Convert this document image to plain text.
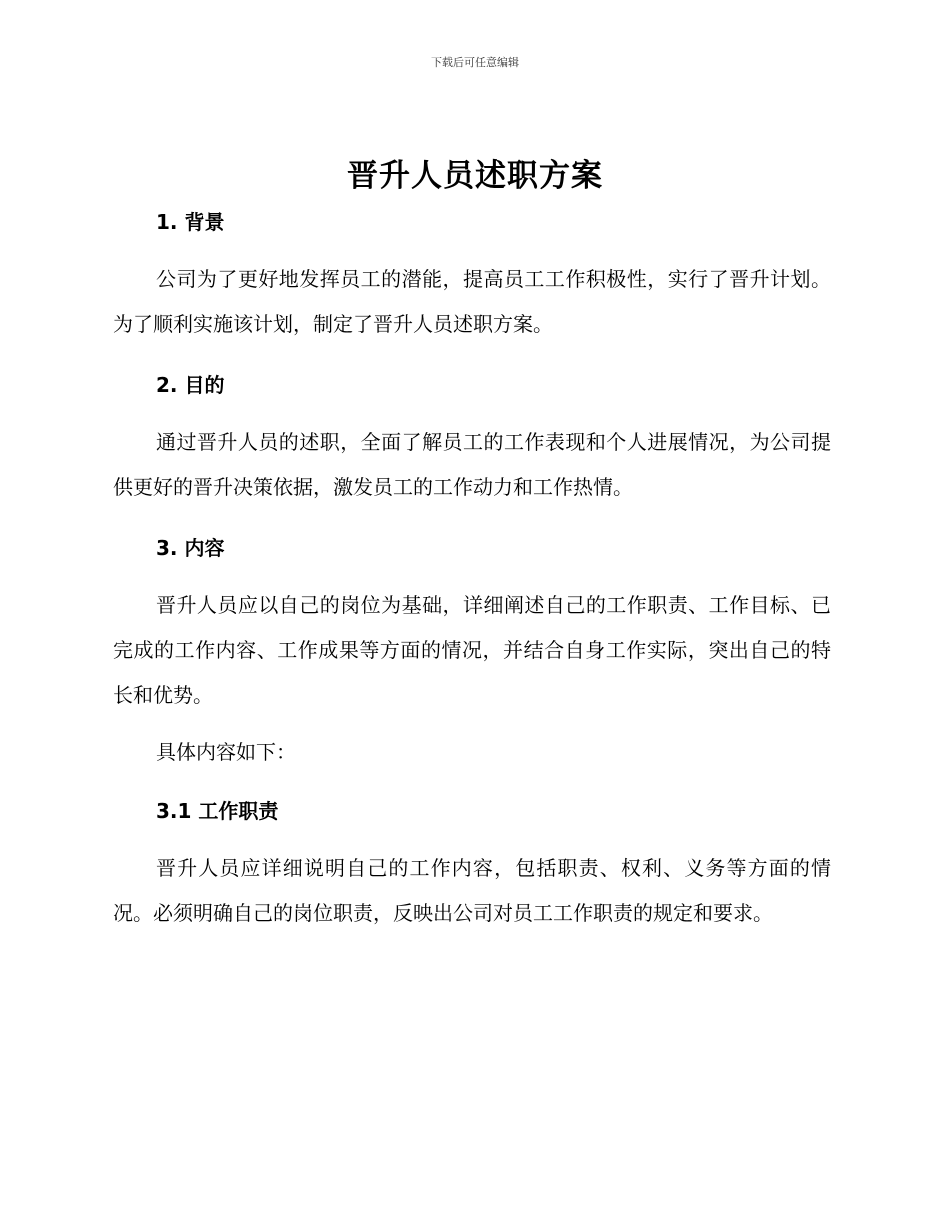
下载后可任意编辑

晋升人员述职方案
1. 背景

公司为了更好地发挥员工的潜能，提高员工工作积极性，实行了晋升计划。为了顺利实施该计划，制定了晋升人员述职方案。

2. 目的

通过晋升人员的述职，全面了解员工的工作表现和个人进展情况，为公司提供更好的晋升决策依据，激发员工的工作动力和工作热情。

3. 内容

晋升人员应以自己的岗位为基础，详细阐述自己的工作职责、工作目标、已完成的工作内容、工作成果等方面的情况，并结合自身工作实际，突出自己的特长和优势。

具体内容如下：

3.1 工作职责

晋升人员应详细说明自己的工作内容，包括职责、权利、义务等方面的情况。必须明确自己的岗位职责，反映出公司对员工工作职责的规定和要求。
